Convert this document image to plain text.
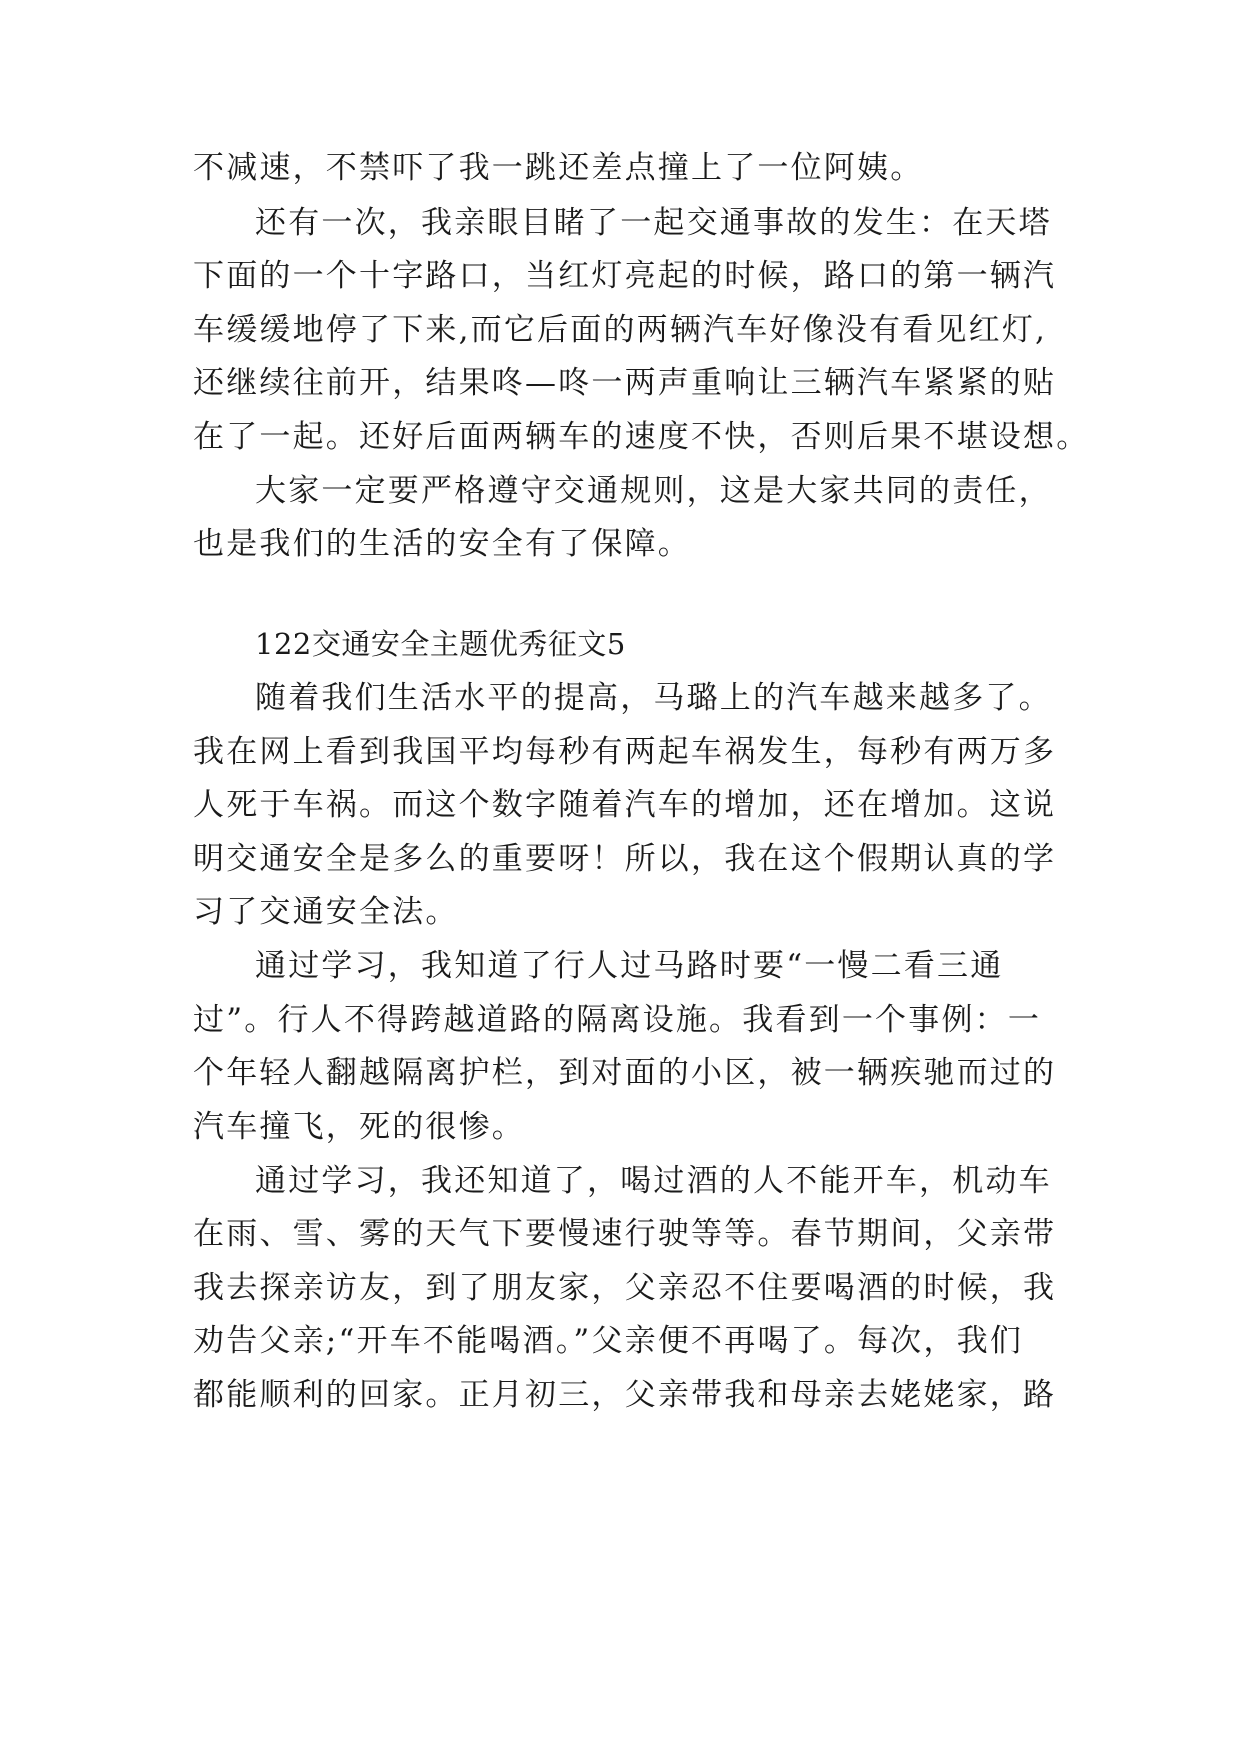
不减速，不禁吓了我一跳还差点撞上了一位阿姨。
还有一次，我亲眼目睹了一起交通事故的发生：在天塔
下面的一个十字路口，当红灯亮起的时候，路口的第一辆汽
车缓缓地停了下来,而它后面的两辆汽车好像没有看见红灯,
还继续往前开，结果咚—咚一两声重响让三辆汽车紧紧的贴
在了一起。还好后面两辆车的速度不快，否则后果不堪设想。
大家一定要严格遵守交通规则，这是大家共同的责任，
也是我们的生活的安全有了保障。
122交通安全主题优秀征文5
随着我们生活水平的提高，马璐上的汽车越来越多了。
我在网上看到我国平均每秒有两起车祸发生，每秒有两万多
人死于车祸。而这个数字随着汽车的增加，还在增加。这说
明交通安全是多么的重要呀！所以，我在这个假期认真的学
习了交通安全法。
通过学习，我知道了行人过马路时要“一慢二看三通
过”。行人不得跨越道路的隔离设施。我看到一个事例：一
个年轻人翻越隔离护栏，到对面的小区，被一辆疾驰而过的
汽车撞飞，死的很惨。
通过学习，我还知道了，喝过酒的人不能开车，机动车
在雨、雪、雾的天气下要慢速行驶等等。春节期间，父亲带
我去探亲访友，到了朋友家，父亲忍不住要喝酒的时候，我
劝告父亲;“开车不能喝酒。”父亲便不再喝了。每次，我们
都能顺利的回家。正月初三，父亲带我和母亲去姥姥家，路
